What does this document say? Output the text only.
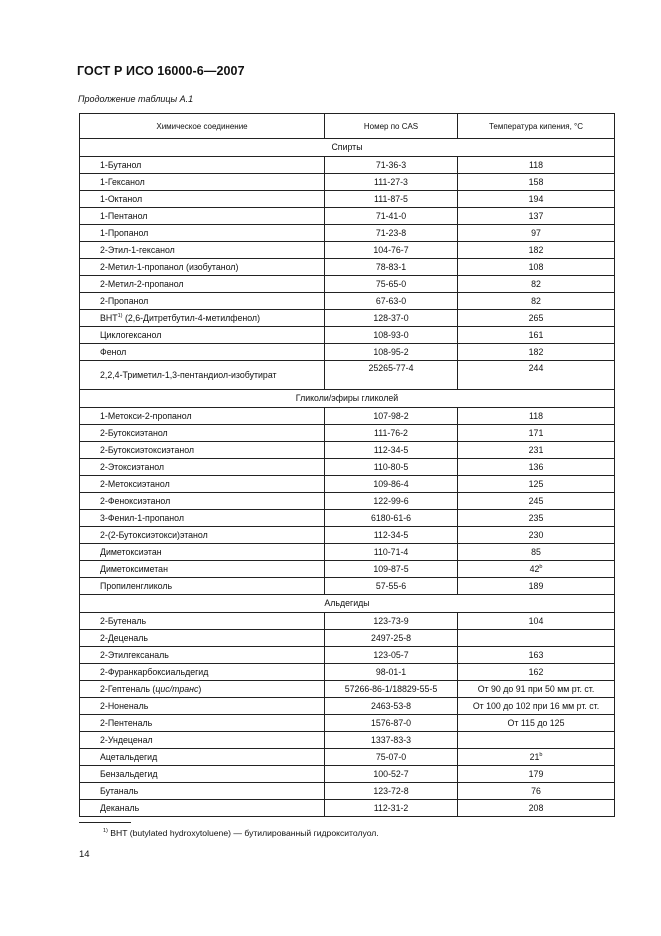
ГОСТ Р ИСО 16000-6—2007
Продолжение таблицы А.1
Химическое соединение	Номер по CAS	Температура кипения, °С
Спирты		
1-Бутанол	71-36-3	118
1-Гексанол	111-27-3	158
1-Октанол	111-87-5	194
1-Пентанол	71-41-0	137
1-Пропанол	71-23-8	97
2-Этил-1-гексанол	104-76-7	182
2-Метил-1-пропанол (изобутанол)	78-83-1	108
2-Метил-2-пропанол	75-65-0	82
2-Пропанол	67-63-0	82
BHT$^{1)}$ (2,6-Дитретбутил-4-метилфенол)	128-37-0	265
Циклогексанол	108-93-0	161
Фенол	108-95-2	182
2,2,4-Триметил-1,3-пентандиол-изобутират	25265-77-4	244
Гликоли/эфиры гликолей		
1-Метокси-2-пропанол	107-98-2	118
2-Бутоксиэтанол	111-76-2	171
2-Бутоксиэтоксиэтанол	112-34-5	231
2-Этоксиэтанол	110-80-5	136
2-Метоксиэтанол	109-86-4	125
2-Феноксиэтанол	122-99-6	245
3-Фенил-1-пропанол	6180-61-6	235
2-(2-Бутоксиэтокси)этанол	112-34-5	230
Диметоксиэтан	110-71-4	85
Диметоксиметан	109-87-5	42$^b$
Пропиленгликоль	57-55-6	189
Альдегиды		
2-Бутеналь	123-73-9	104
2-Деценаль	2497-25-8	
2-Этилгексаналь	123-05-7	163
2-Фуранкарбоксиальдегид	98-01-1	162
2-Гептеналь (цис/транс)	57266-86-1/18829-55-5	От 90 до 91 при 50 мм рт. ст.
2-Ноненаль	2463-53-8	От 100 до 102 при 16 мм рт. ст.
2-Пентеналь	1576-87-0	От 115 до 125
2-Ундеценал	1337-83-3	
Ацетальдегид	75-07-0	21$^b$
Бензальдегид	100-52-7	179
Бутаналь	123-72-8	76
Деканаль	112-31-2	208
$^{1)}$ BHT (butylated hydroxytoluene) — бутилированный гидрокситолуол.
14
